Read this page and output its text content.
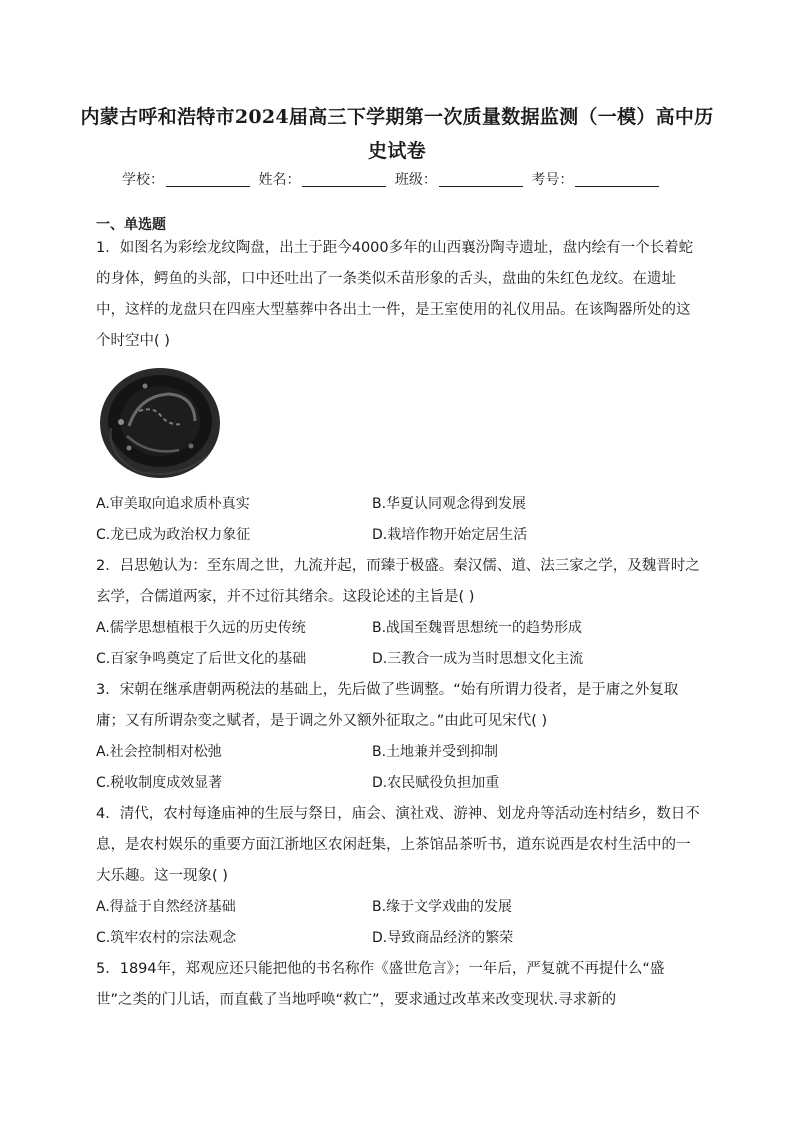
内蒙古呼和浩特市2024届高三下学期第一次质量数据监测（一模）高中历史试卷
学校：	姓名：	班级：	考号：
一、单选题

1．如图名为彩绘龙纹陶盘，出土于距今4000多年的山西襄汾陶寺遗址，盘内绘有一个长着蛇的身体，鳄鱼的头部，口中还吐出了一条类似禾苗形象的舌头，盘曲的朱红色龙纹。在遗址中，这样的龙盘只在四座大型墓葬中各出土一件，是王室使用的礼仪用品。在该陶器所处的这个时空中( )

A.审美取向追求质朴真实	B.华夏认同观念得到发展
C.龙已成为政治权力象征	D.栽培作物开始定居生活

2．吕思勉认为：至东周之世，九流并起，而臻于极盛。秦汉儒、道、法三家之学，及魏晋时之玄学，合儒道两家，并不过衍其绪余。这段论述的主旨是( )

A.儒学思想植根于久远的历史传统	B.战国至魏晋思想统一的趋势形成
C.百家争鸣奠定了后世文化的基础	D.三教合一成为当时思想文化主流

3．宋朝在继承唐朝两税法的基础上，先后做了些调整。“始有所谓力役者，是于庸之外复取庸；又有所谓杂变之赋者，是于调之外又额外征取之。”由此可见宋代( )

A.社会控制相对松弛	B.土地兼并受到抑制
C.税收制度成效显著	D.农民赋役负担加重

4．清代，农村每逢庙神的生辰与祭日，庙会、演社戏、游神、划龙舟等活动连村结乡，数日不息，是农村娱乐的重要方面江浙地区农闲赶集，上茶馆品茶听书，道东说西是农村生活中的一大乐趣。这一现象( )

A.得益于自然经济基础	B.缘于文学戏曲的发展
C.筑牢农村的宗法观念	D.导致商品经济的繁荣

5．1894年，郑观应还只能把他的书名称作《盛世危言》；一年后，严复就不再提什么“盛世”之类的门儿话，而直截了当地呼唤“救亡”，要求通过改革来改变现状.寻求新的
